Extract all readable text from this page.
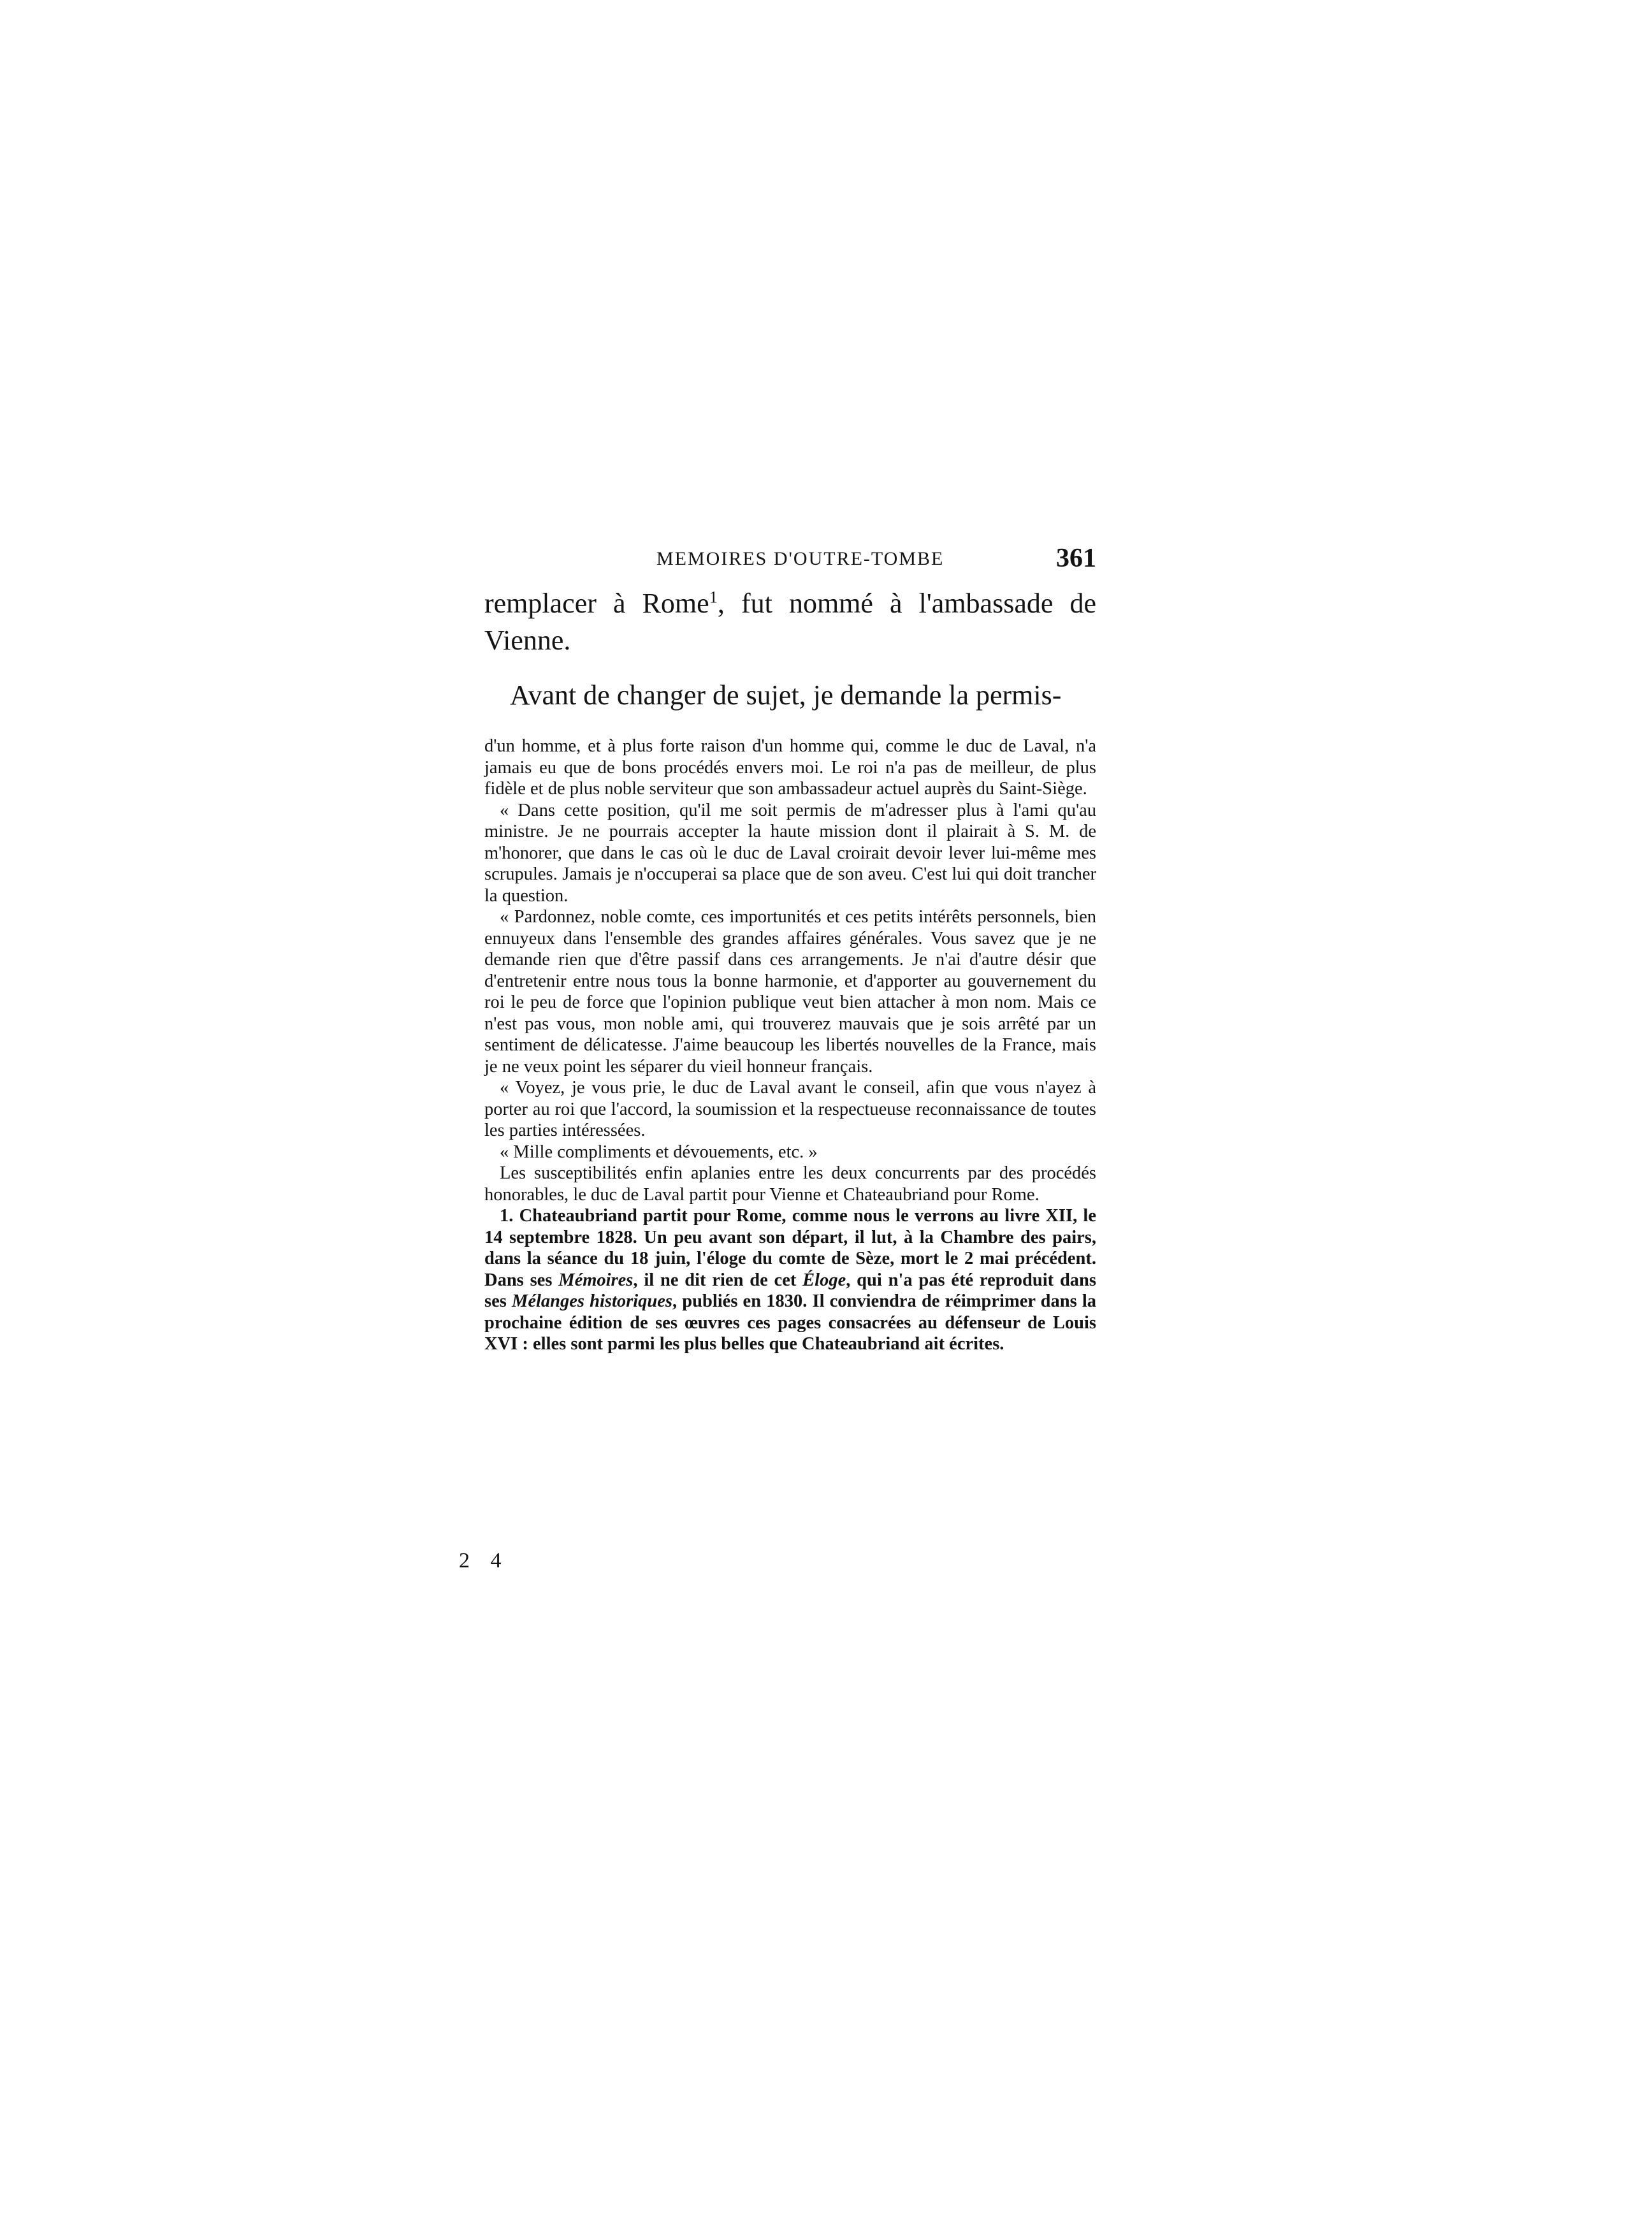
MEMOIRES D'OUTRE-TOMBE	361
remplacer à Rome$^1$, fut nommé à l'ambassade de Vienne.
Avant de changer de sujet, je demande la permis-

d'un homme, et à plus forte raison d'un homme qui, comme le duc de Laval, n'a jamais eu que de bons procédés envers moi. Le roi n'a pas de meilleur, de plus fidèle et de plus noble serviteur que son ambassadeur actuel auprès du Saint-Siège.

« Dans cette position, qu'il me soit permis de m'adresser plus à l'ami qu'au ministre. Je ne pourrais accepter la haute mission dont il plairait à S. M. de m'honorer, que dans le cas où le duc de Laval croirait devoir lever lui-même mes scrupules. Jamais je n'occuperai sa place que de son aveu. C'est lui qui doit trancher la question.

« Pardonnez, noble comte, ces importunités et ces petits intérêts personnels, bien ennuyeux dans l'ensemble des grandes affaires générales. Vous savez que je ne demande rien que d'être passif dans ces arrangements. Je n'ai d'autre désir que d'entretenir entre nous tous la bonne harmonie, et d'apporter au gouvernement du roi le peu de force que l'opinion publique veut bien attacher à mon nom. Mais ce n'est pas vous, mon noble ami, qui trouverez mauvais que je sois arrêté par un sentiment de délicatesse. J'aime beaucoup les libertés nouvelles de la France, mais je ne veux point les séparer du vieil honneur français.

« Voyez, je vous prie, le duc de Laval avant le conseil, afin que vous n'ayez à porter au roi que l'accord, la soumission et la respectueuse reconnaissance de toutes les parties intéressées.

« Mille compliments et dévouements, etc. »

Les susceptibilités enfin aplanies entre les deux concurrents par des procédés honorables, le duc de Laval partit pour Vienne et Chateaubriand pour Rome.

1. Chateaubriand partit pour Rome, comme nous le verrons au livre XII, le 14 septembre 1828. Un peu avant son départ, il lut, à la Chambre des pairs, dans la séance du 18 juin, l'éloge du comte de Sèze, mort le 2 mai précédent. Dans ses Mémoires, il ne dit rien de cet Éloge, qui n'a pas été reproduit dans ses Mélanges historiques, publiés en 1830. Il conviendra de réimprimer dans la prochaine édition de ses œuvres ces pages consacrées au défenseur de Louis XVI : elles sont parmi les plus belles que Chateaubriand ait écrites.

2 4
